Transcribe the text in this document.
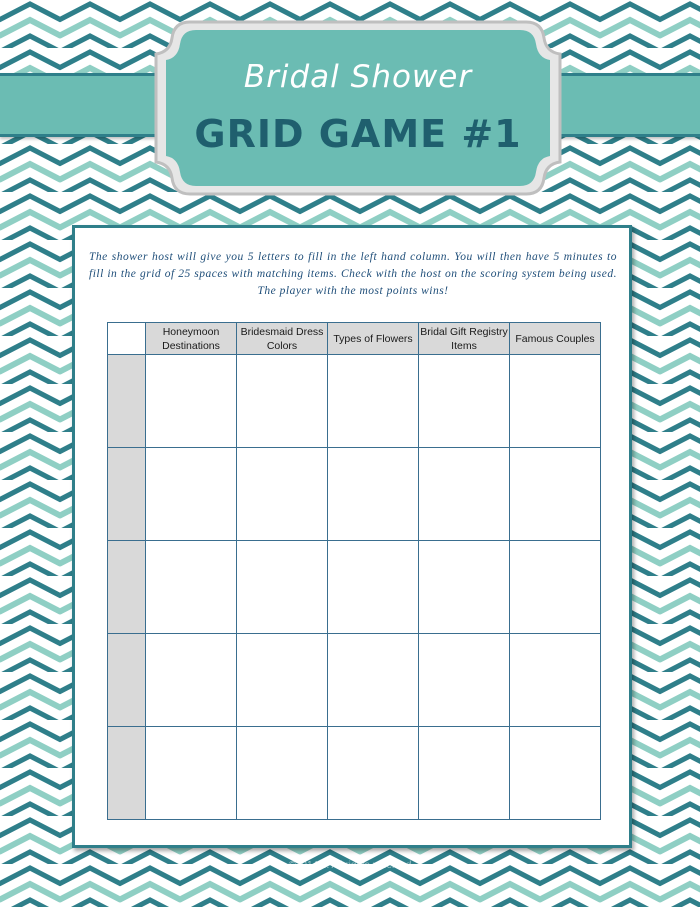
Bridal Shower
GRID GAME #1
The shower host will give you 5 letters to fill in the left hand column. You will then have 5 minutes to fill in the grid of 25 spaces with matching items. Check with the host on the scoring system being used. The player with the most points wins!
	Honeymoon Destinations	Bridesmaid Dress Colors	Types of Flowers	Bridal Gift Registry Items	Famous Couples

©2014 ... All rights reserved
